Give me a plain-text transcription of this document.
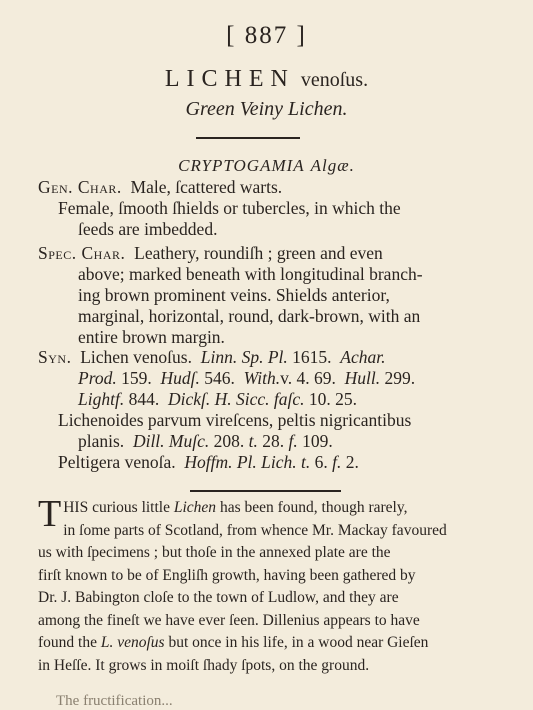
[ 887 ]
LICHEN venoſus.
Green Veiny Lichen.
CRYPTOGAMIA Algæ.
Gen. Char. Male, ſcattered warts.
Female, ſmooth ſhields or tubercles, in which the
ſeeds are imbedded.
Spec. Char. Leathery, roundiſh ; green and even
above; marked beneath with longitudinal branch-
ing brown prominent veins. Shields anterior,
marginal, horizontal, round, dark-brown, with an
entire brown margin.
Syn. Lichen venoſus. Linn. Sp. Pl. 1615. Achar.
Prod. 159. Hudſ. 546. With.v. 4. 69. Hull. 299.
Lightf. 844. Dickſ. H. Sicc. faſc. 10. 25.
Lichenoides parvum vireſcens, peltis nigricantibus
planis. Dill. Muſc. 208. t. 28. f. 109.
Peltigera venoſa. Hoffm. Pl. Lich. t. 6. f. 2.
T HIS curious little Lichen has been found, though rarely,
in ſome parts of Scotland, from whence Mr. Mackay favoured
us with ſpecimens ; but thoſe in the annexed plate are the
firſt known to be of Engliſh growth, having been gathered by
Dr. J. Babington cloſe to the town of Ludlow, and they are
among the fineſt we have ever ſeen. Dillenius appears to have
found the L. venoſus but once in his life, in a wood near Gieſen
in Heſſe. It grows in moiſt ſhady ſpots, on the ground.
The fructification...
